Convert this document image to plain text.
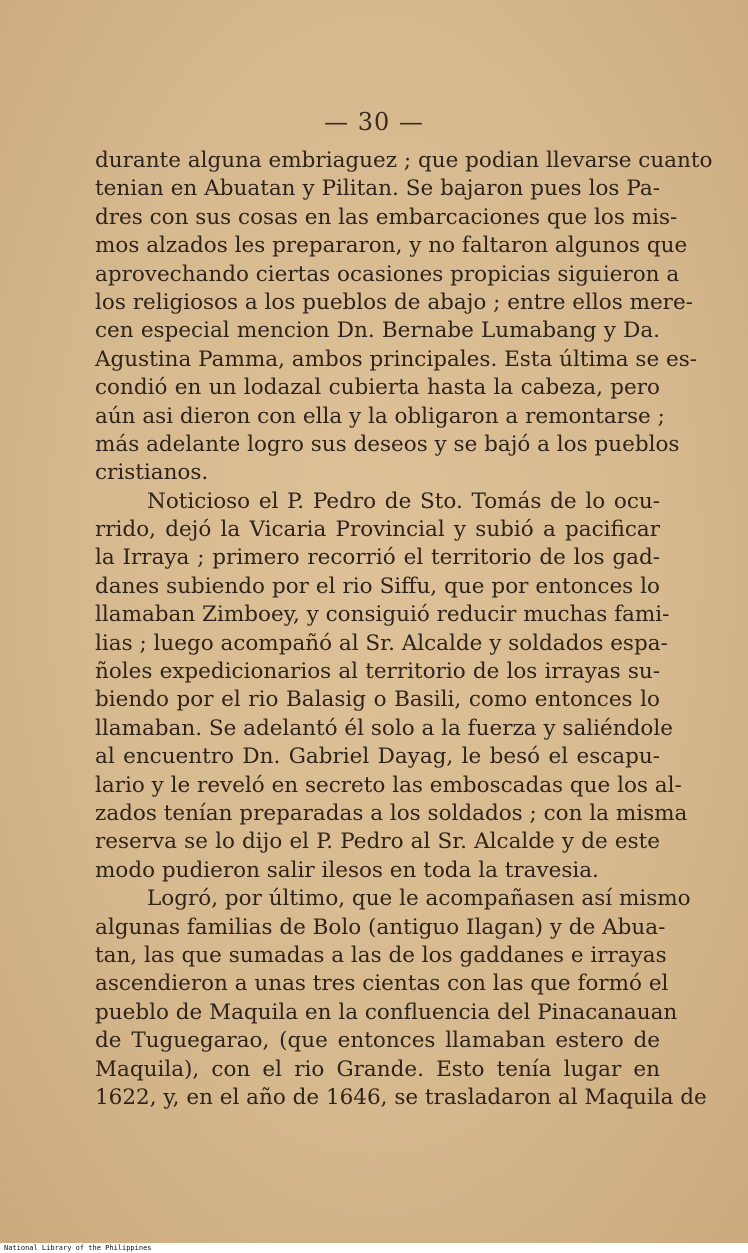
— 30 —
durante alguna embriaguez ; que podian llevarse cuanto
tenian en Abuatan y Pilitan. Se bajaron pues los Pa-
dres con sus cosas en las embarcaciones que los mis-
mos alzados les prepararon, y no faltaron algunos que
aprovechando ciertas ocasiones propicias siguieron a
los religiosos a los pueblos de abajo ; entre ellos mere-
cen especial mencion Dn. Bernabe Lumabang y Da.
Agustina Pamma, ambos principales. Esta última se es-
condió en un lodazal cubierta hasta la cabeza, pero
aún asi dieron con ella y la obligaron a remontarse ;
más adelante logro sus deseos y se bajó a los pueblos
cristianos.
Noticioso el P. Pedro de Sto. Tomás de lo ocu-
rrido, dejó la Vicaria Provincial y subió a pacificar
la Irraya ; primero recorrió el territorio de los gad-
danes subiendo por el rio Siffu, que por entonces lo
llamaban Zimboey, y consiguió reducir muchas fami-
lias ; luego acompañó al Sr. Alcalde y soldados espa-
ñoles expedicionarios al territorio de los irrayas su-
biendo por el rio Balasig o Basili, como entonces lo
llamaban. Se adelantó él solo a la fuerza y saliéndole
al encuentro Dn. Gabriel Dayag, le besó el escapu-
lario y le reveló en secreto las emboscadas que los al-
zados tenían preparadas a los soldados ; con la misma
reserva se lo dijo el P. Pedro al Sr. Alcalde y de este
modo pudieron salir ilesos en toda la travesia.
Logró, por último, que le acompañasen así mismo
algunas familias de Bolo (antiguo Ilagan) y de Abua-
tan, las que sumadas a las de los gaddanes e irrayas
ascendieron a unas tres cientas con las que formó el
pueblo de Maquila en la confluencia del Pinacanauan
de Tuguegarao, (que entonces llamaban estero de
Maquila), con el rio Grande. Esto tenía lugar en
1622, y, en el año de 1646, se trasladaron al Maquila de
National Library of the Philippines
